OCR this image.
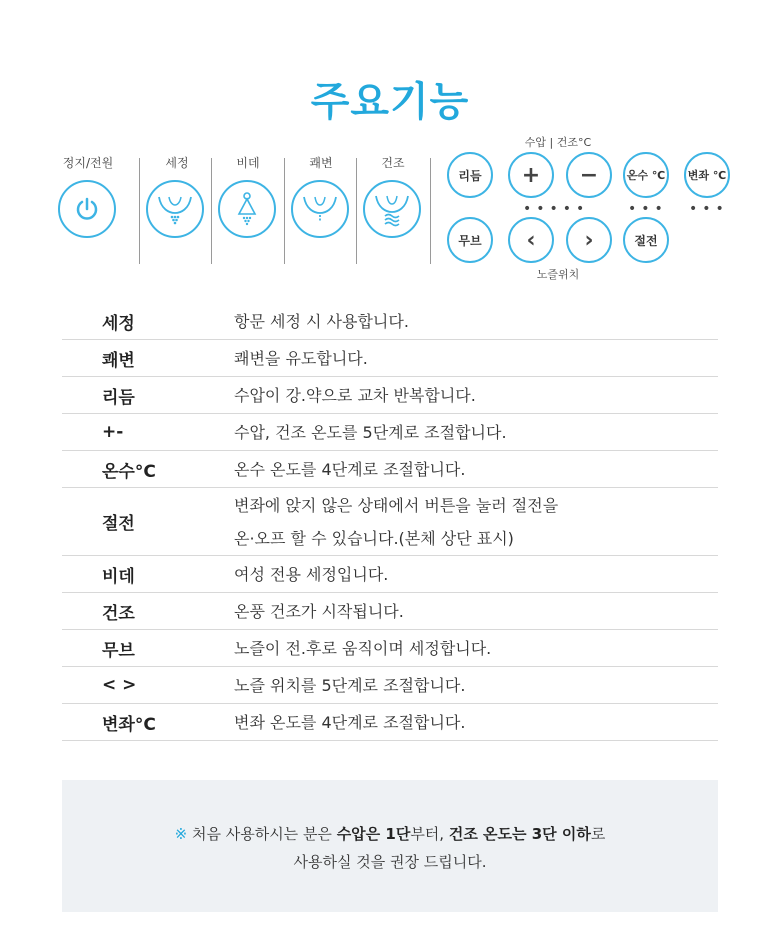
주요기능
정지/전원	세정	비데	쾌변	건조
수압 | 건조°C
리듬	+	−	온수 ℃	변좌 ℃
•••••	••• •••
무브	‹	›	절전
노즐위치
세정	항문 세정 시 사용합니다.
쾌변	쾌변을 유도합니다.
리듬	수압이 강.약으로 교차 반복합니다.
+-	수압, 건조 온도를 5단계로 조절합니다.
온수°C	온수 온도를 4단계로 조절합니다.
절전
변좌에 앉지 않은 상태에서 버튼을 눌러 절전을
온·오프 할 수 있습니다.(본체 상단 표시)
비데	여성 전용 세정입니다.
건조	온풍 건조가 시작됩니다.
무브	노즐이 전.후로 움직이며 세정합니다.
< >	노즐 위치를 5단계로 조절합니다.
변좌°C	변좌 온도를 4단계로 조절합니다.
※ 처음 사용하시는 분은 수압은 1단부터, 건조 온도는 3단 이하로
사용하실 것을 권장 드립니다.
